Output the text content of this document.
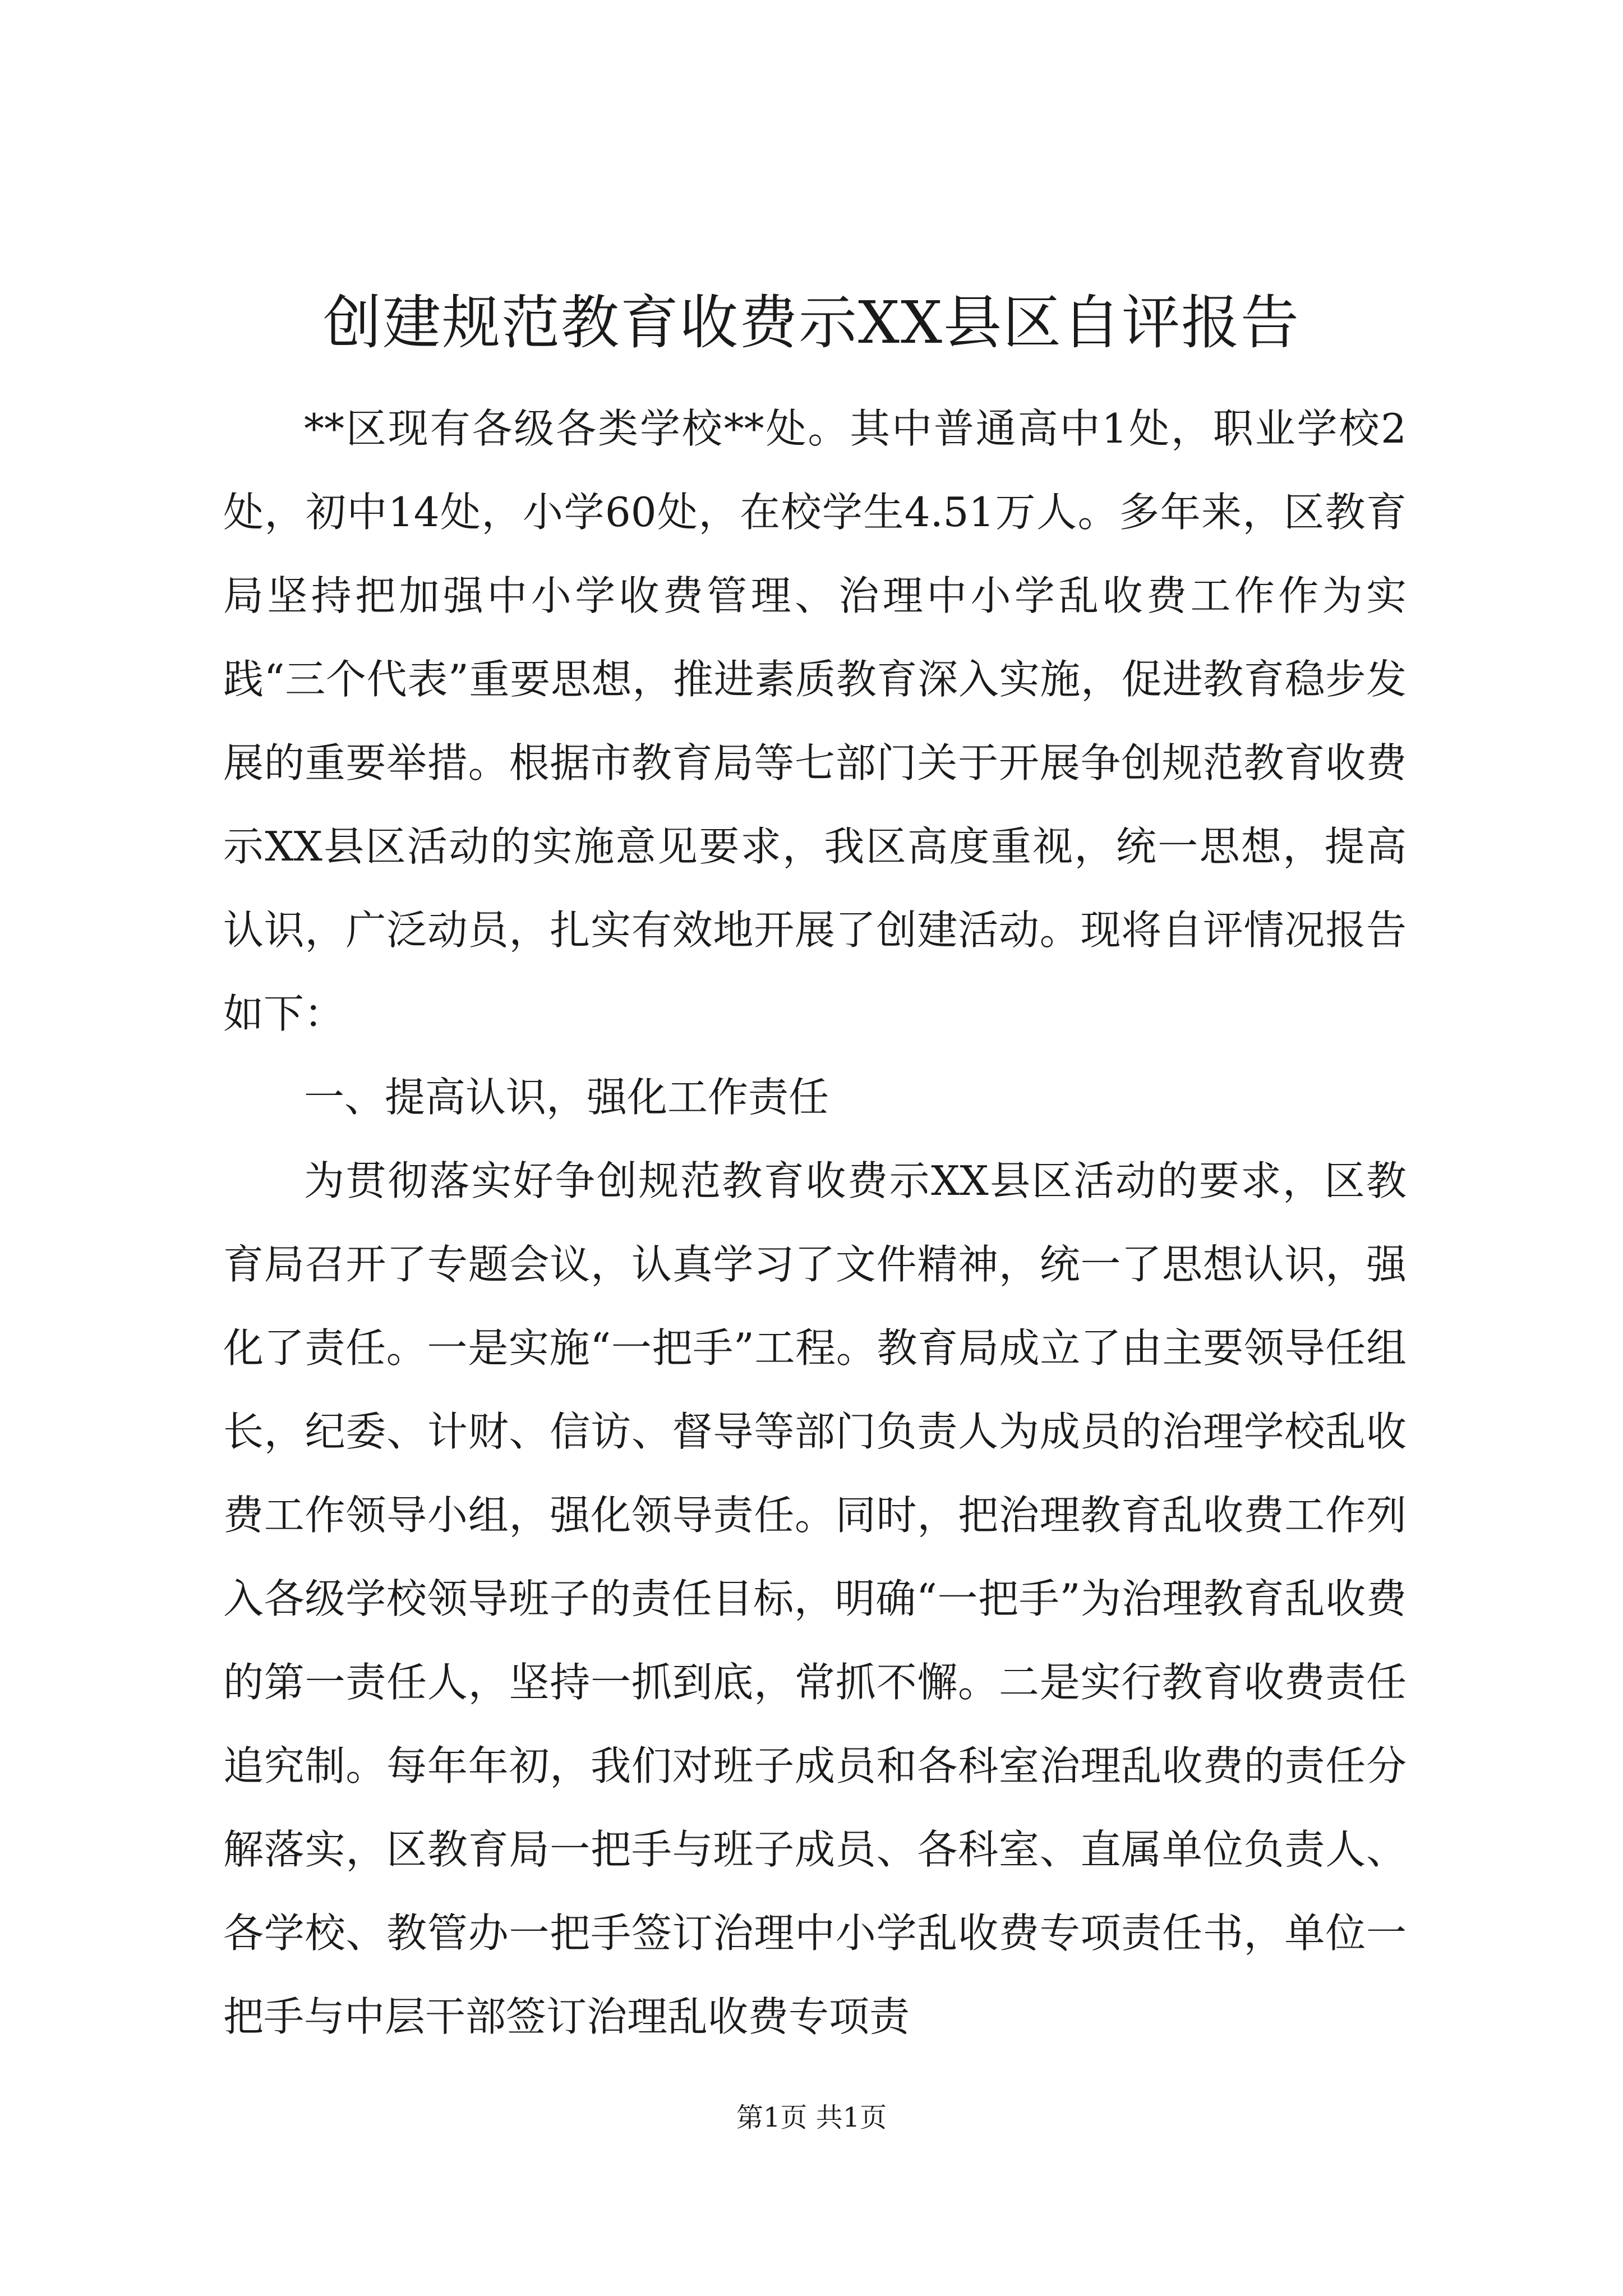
创建规范教育收费示XX县区自评报告

**区现有各级各类学校**处。其中普通高中1处，职业学校2处，初中14处，小学60处，在校学生4.51万人。多年来，区教育局坚持把加强中小学收费管理、治理中小学乱收费工作作为实践“三个代表”重要思想，推进素质教育深入实施，促进教育稳步发展的重要举措。根据市教育局等七部门关于开展争创规范教育收费示XX县区活动的实施意见要求，我区高度重视，统一思想，提高认识，广泛动员，扎实有效地开展了创建活动。现将自评情况报告如下：

一、提高认识，强化工作责任

为贯彻落实好争创规范教育收费示XX县区活动的要求，区教育局召开了专题会议，认真学习了文件精神，统一了思想认识，强化了责任。一是实施“一把手”工程。教育局成立了由主要领导任组长，纪委、计财、信访、督导等部门负责人为成员的治理学校乱收费工作领导小组，强化领导责任。同时，把治理教育乱收费工作列入各级学校领导班子的责任目标，明确“一把手”为治理教育乱收费的第一责任人，坚持一抓到底，常抓不懈。二是实行教育收费责任追究制。每年年初，我们对班子成员和各科室治理乱收费的责任分解落实，区教育局一把手与班子成员、各科室、直属单位负责人、各学校、教管办一把手签订治理中小学乱收费专项责任书，单位一把手与中层干部签订治理乱收费专项责

第1页 共1页
